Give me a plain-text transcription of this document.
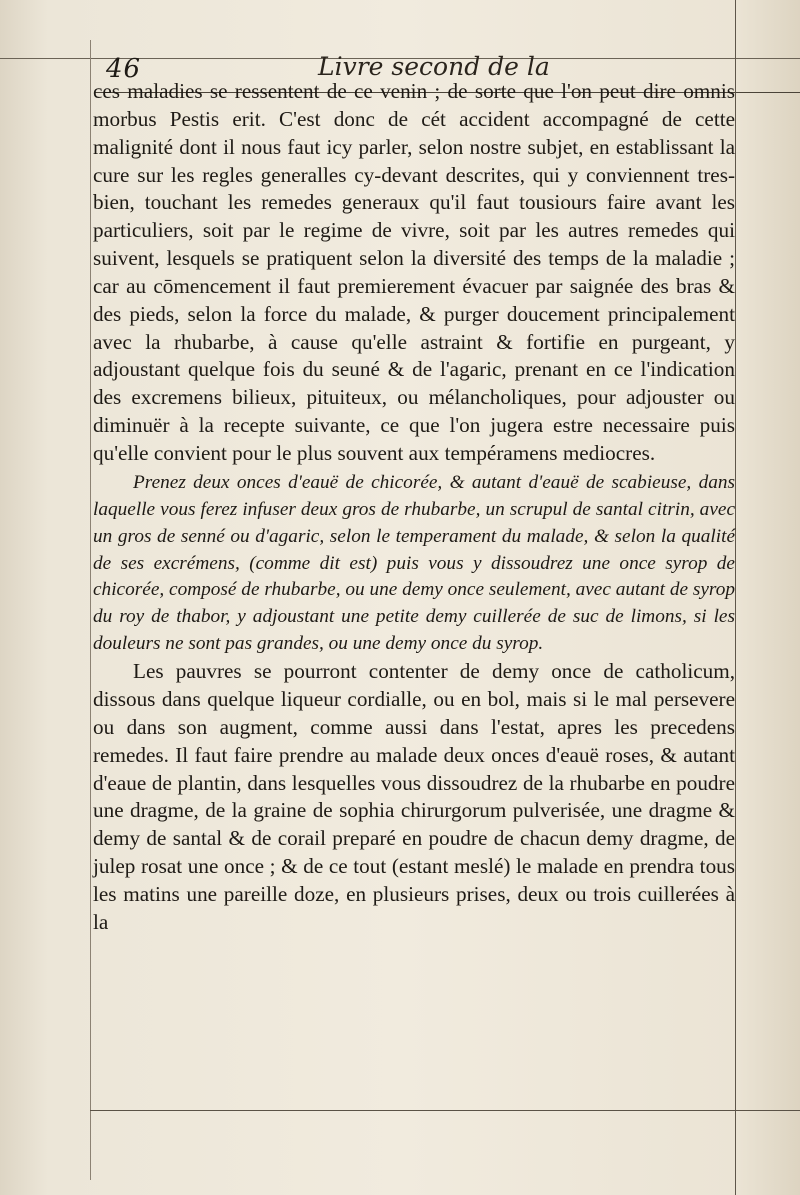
46	Livre second de la

ces maladies se ressentent de ce venin ; de sorte que l'on peut dire omnis morbus Pestis erit. C'est donc de cét accident accompagné de cette malignité dont il nous faut icy parler, selon nostre subjet, en establissant la cure sur les regles generalles cy-devant descrites, qui y conviennent tres-bien, touchant les remedes generaux qu'il faut tousiours faire avant les particuliers, soit par le regime de vivre, soit par les autres remedes qui suivent, lesquels se pratiquent selon la diversité des temps de la maladie ; car au cōmencement il faut premierement évacuer par saignée des bras & des pieds, selon la force du malade, & purger doucement principalement avec la rhubarbe, à cause qu'elle astraint & fortifie en purgeant, y adjoustant quelque fois du seuné & de l'agaric, prenant en ce l'indication des excremens bilieux, pituiteux, ou mélancholiques, pour adjouster ou diminuër à la recepte suivante, ce que l'on jugera estre necessaire puis qu'elle convient pour le plus souvent aux tempéramens mediocres.

Prenez deux onces d'eauë de chicorée, & autant d'eauë de scabieuse, dans laquelle vous ferez infuser deux gros de rhubarbe, un scrupul de santal citrin, avec un gros de senné ou d'agaric, selon le temperament du malade, & selon la qualité de ses excrémens, (comme dit est) puis vous y dissoudrez une once syrop de chicorée, composé de rhubarbe, ou une demy once seulement, avec autant de syrop du roy de thabor, y adjoustant une petite demy cuillerée de suc de limons, si les douleurs ne sont pas grandes, ou une demy once du syrop.

Les pauvres se pourront contenter de demy once de catholicum, dissous dans quelque liqueur cordialle, ou en bol, mais si le mal persevere ou dans son augment, comme aussi dans l'estat, apres les precedens remedes. Il faut faire prendre au malade deux onces d'eauë roses, & autant d'eaue de plantin, dans lesquelles vous dissoudrez de la rhubarbe en poudre une dragme, de la graine de sophia chirurgorum pulverisée, une dragme & demy de santal & de corail preparé en poudre de chacun demy dragme, de julep rosat une once ; & de ce tout (estant meslé) le malade en prendra tous les matins une pareille doze, en plusieurs prises, deux ou trois cuillerées à la
